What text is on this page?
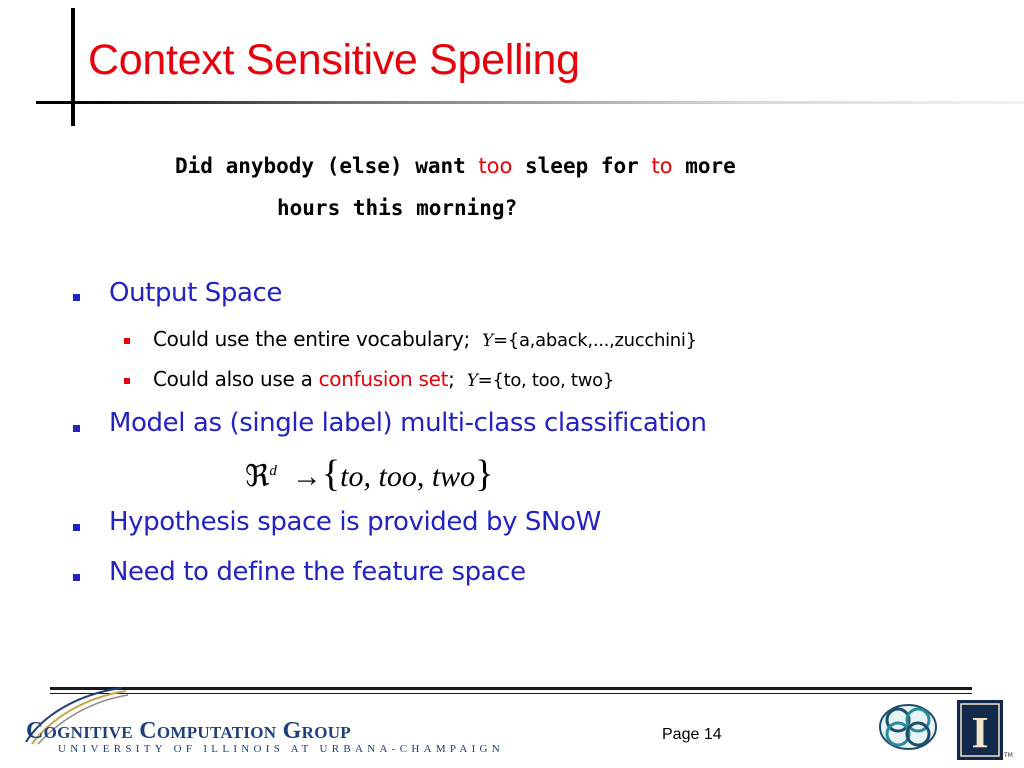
Context Sensitive Spelling

Did anybody (else) want too sleep for to more

hours this morning?

Output Space

Could use the entire vocabulary; Y={a,aback,...,zucchini}

Could also use a confusion set; Y={to, too, two}

Model as (single label) multi-class classification

ℜ$^d$ →{to, too, two}

Hypothesis space is provided by SNoW

Need to define the feature space

Cognitive Computation Group

UNIVERSITY OF ILLINOIS AT URBANA-CHAMPAIGN

Page 14	I	TM
